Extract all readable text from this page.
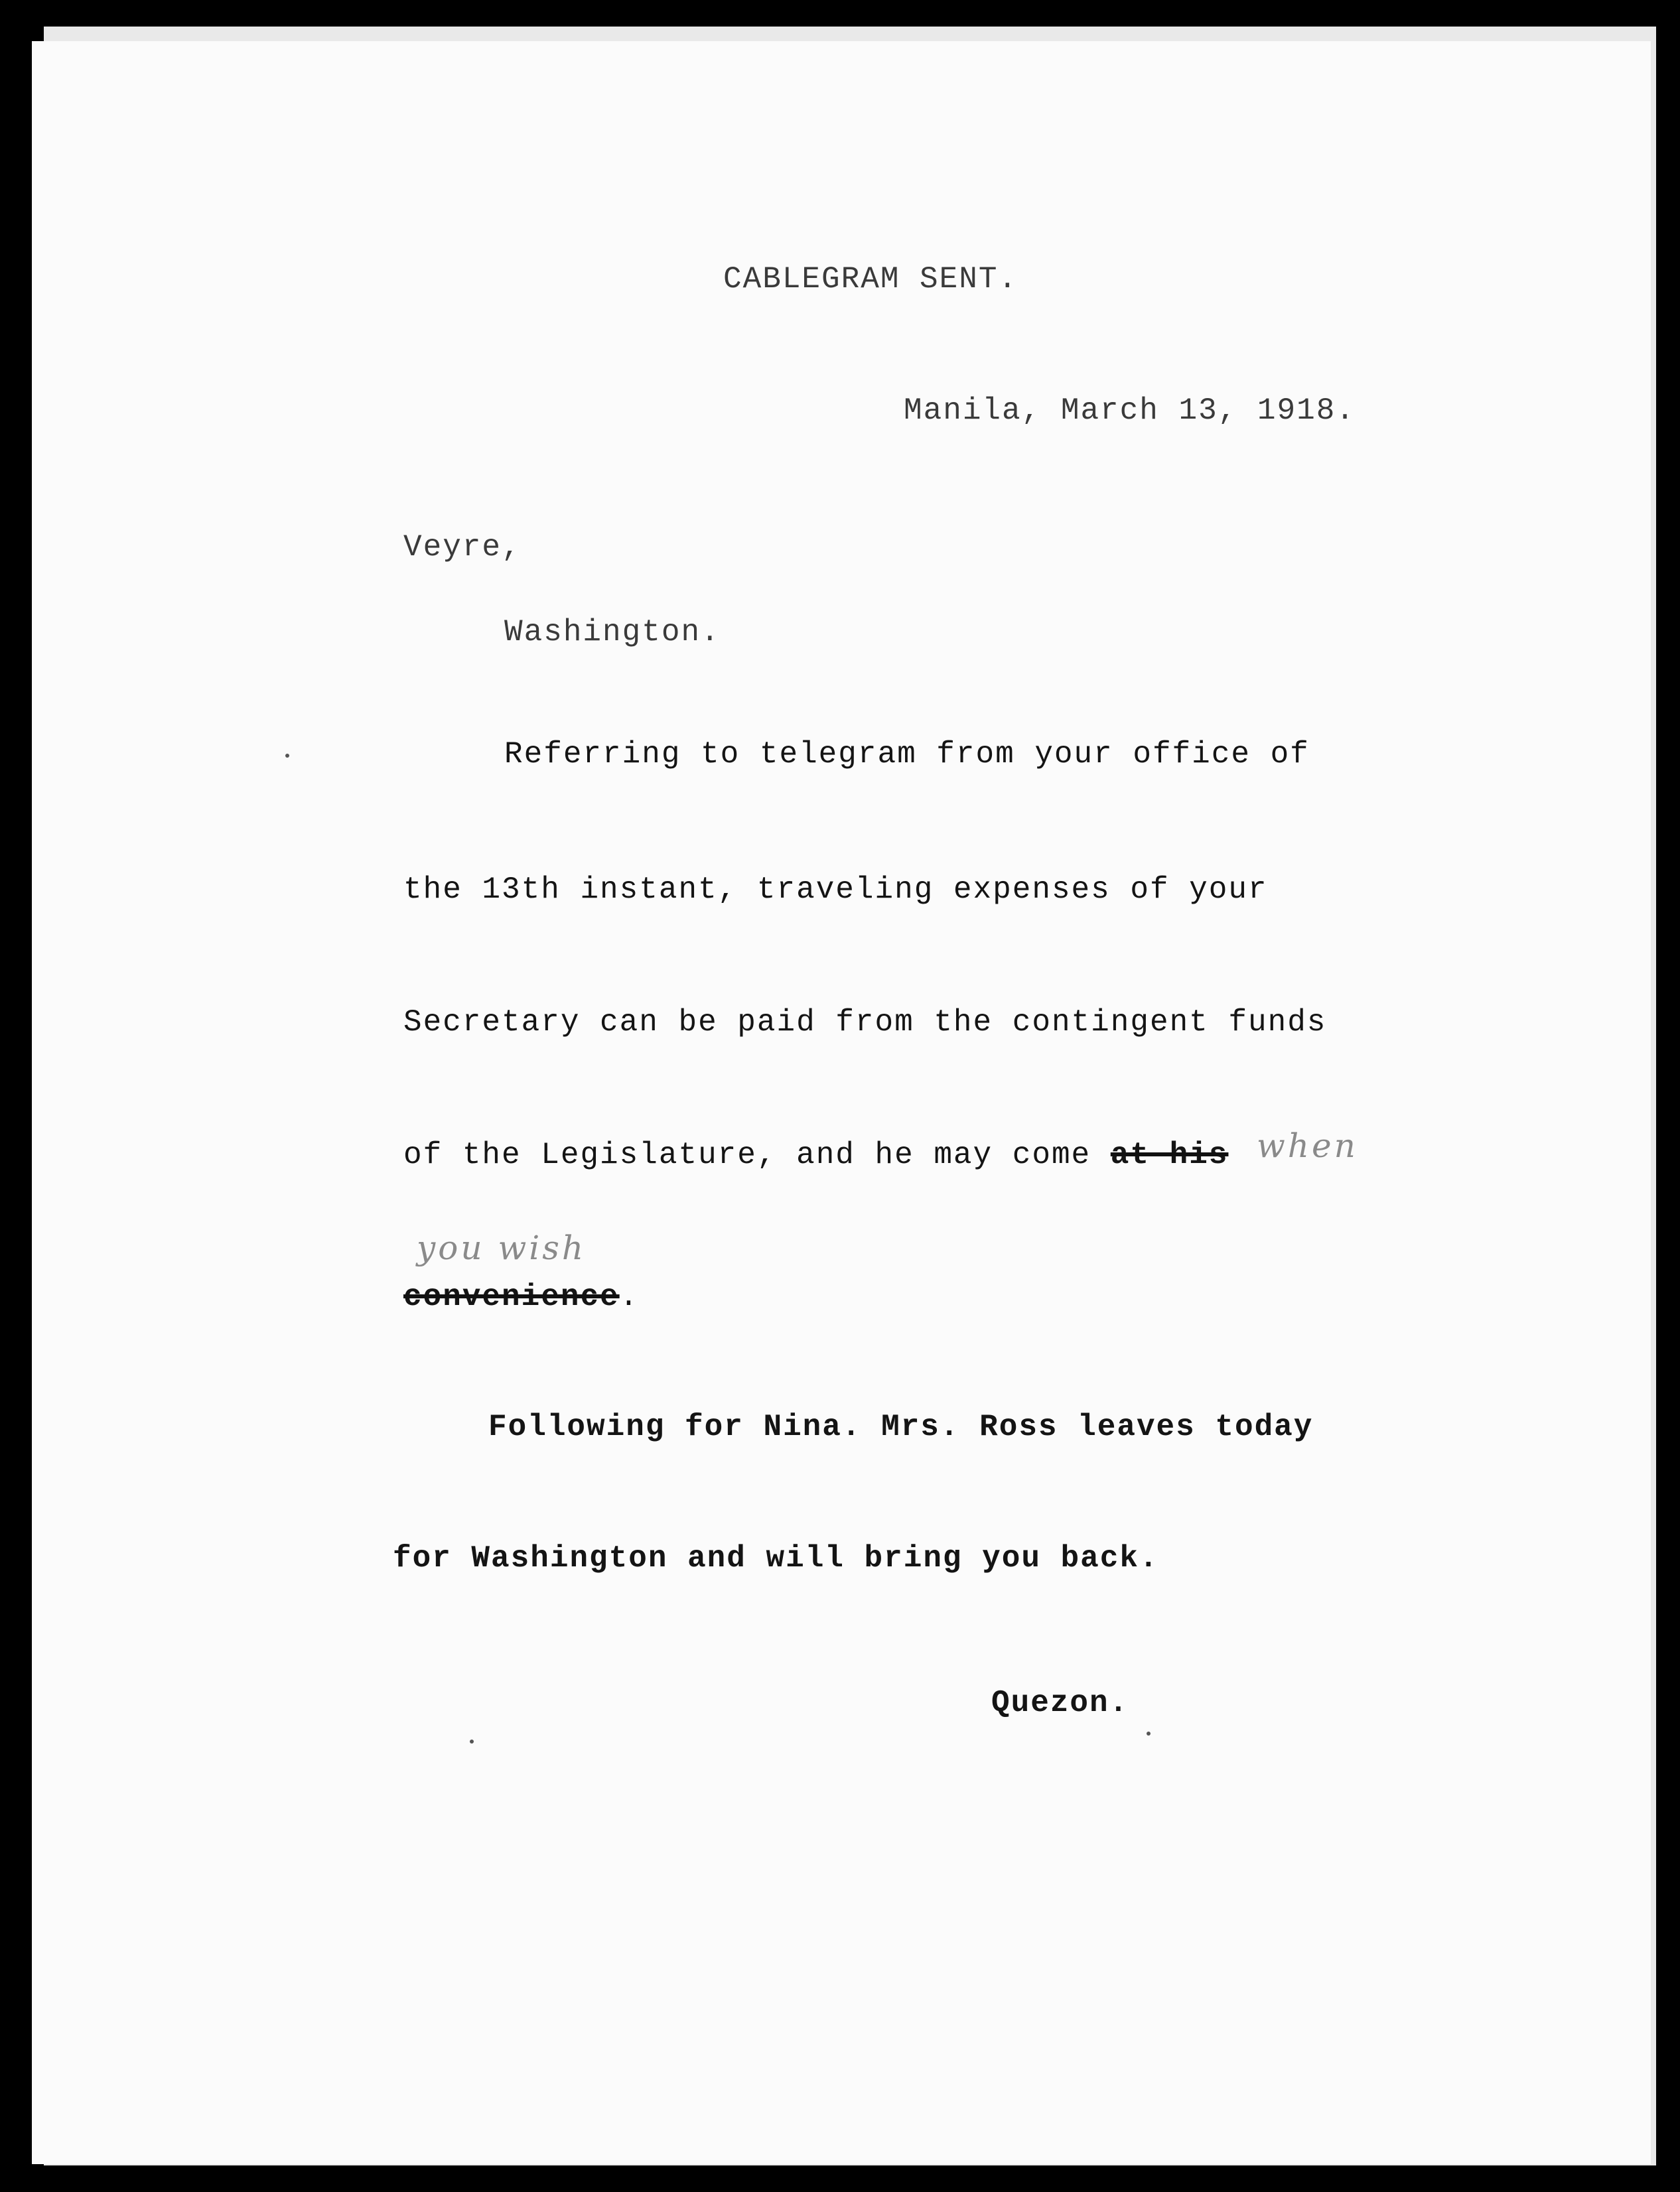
CABLEGRAM SENT.
Manila, March 13, 1918.
Veyre,
Washington.
Referring to telegram from your office of
the 13th instant, traveling expenses of your
Secretary can be paid from the contingent funds
of the Legislature, and he may come at his when
you wish
convenience.
Following for Nina. Mrs. Ross leaves today
for Washington and will bring you back.
Quezon.
